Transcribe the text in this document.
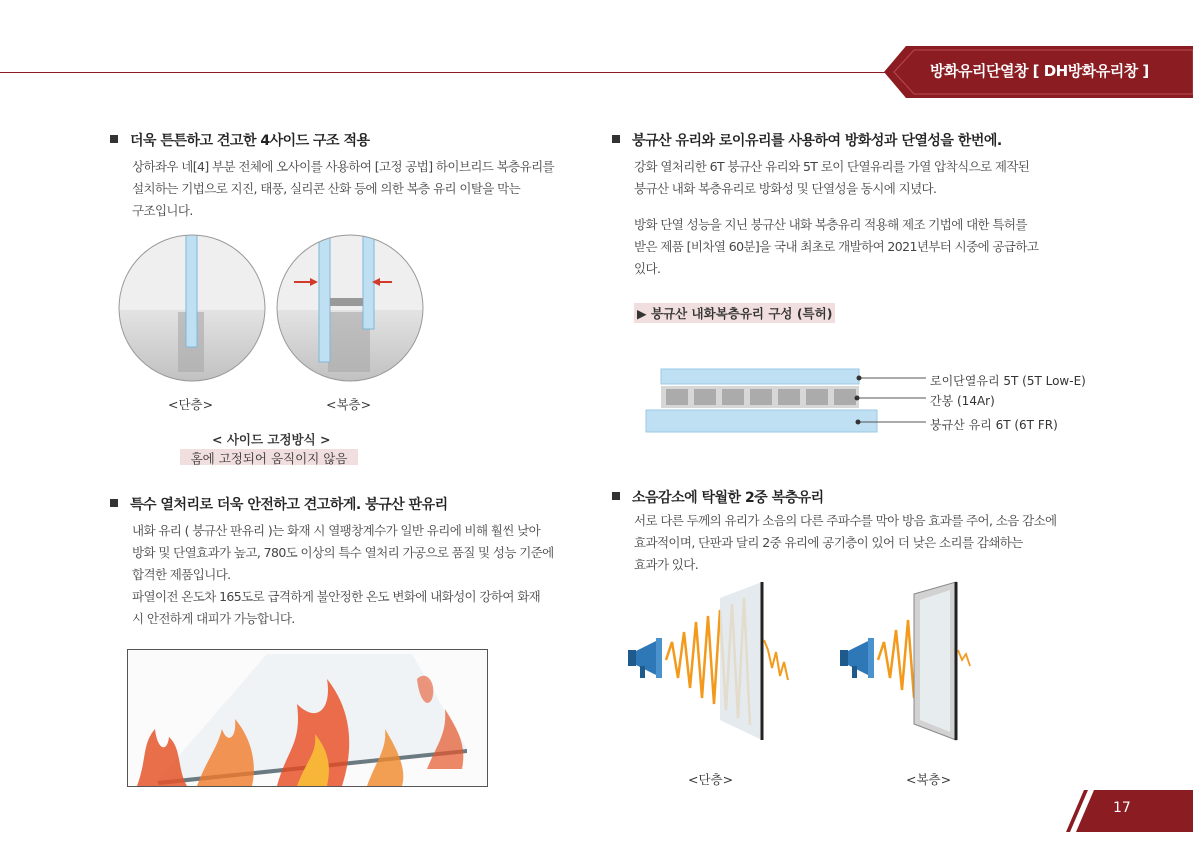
방화유리단열창 [ DH방화유리창 ]
더욱 튼튼하고 견고한 4사이드 구조 적용
상하좌우 네[4] 부분 전체에 오사이를 사용하여 [고정 공법] 하이브리드 복층유리를
설치하는 기법으로 지진, 태풍, 실리콘 산화 등에 의한 복층 유리 이탈을 막는
구조입니다.
<단층>	<복층>
< 사이드 고정방식 >
홈에 고정되어 움직이지 않음
특수 열처리로 더욱 안전하고 견고하게. 붕규산 판유리
내화 유리 ( 붕규산 판유리 )는 화재 시 열팽창계수가 일반 유리에 비해 훨씬 낮아
방화 및 단열효과가 높고, 780도 이상의 특수 열처리 가공으로 품질 및 성능 기준에
합격한 제품입니다.
파열이전 온도차 165도로 급격하게 불안정한 온도 변화에 내화성이 강하여 화재
시 안전하게 대피가 가능합니다.
붕규산 유리와 로이유리를 사용하여 방화성과 단열성을 한번에.
강화 열처리한 6T 붕규산 유리와 5T 로이 단열유리를 가열 압착식으로 제작된
붕규산 내화 복층유리로 방화성 및 단열성을 동시에 지녔다.
방화 단열 성능을 지닌 붕규산 내화 복층유리 적용해 제조 기법에 대한 특허를
받은 제품 [비차열 60분]을 국내 최초로 개발하여 2021년부터 시중에 공급하고
있다.
▶ 붕규산 내화복층유리 구성 (특허)
로이단열유리 5T (5T Low-E)
간봉 (14Ar)
붕규산 유리 6T (6T FR)
소음감소에 탁월한 2중 복층유리
서로 다른 두께의 유리가 소음의 다른 주파수를 막아 방음 효과를 주어, 소음 감소에
효과적이며, 단판과 달리 2중 유리에 공기층이 있어 더 낮은 소리를 감쇄하는
효과가 있다.
<단층>	<복층>
17
